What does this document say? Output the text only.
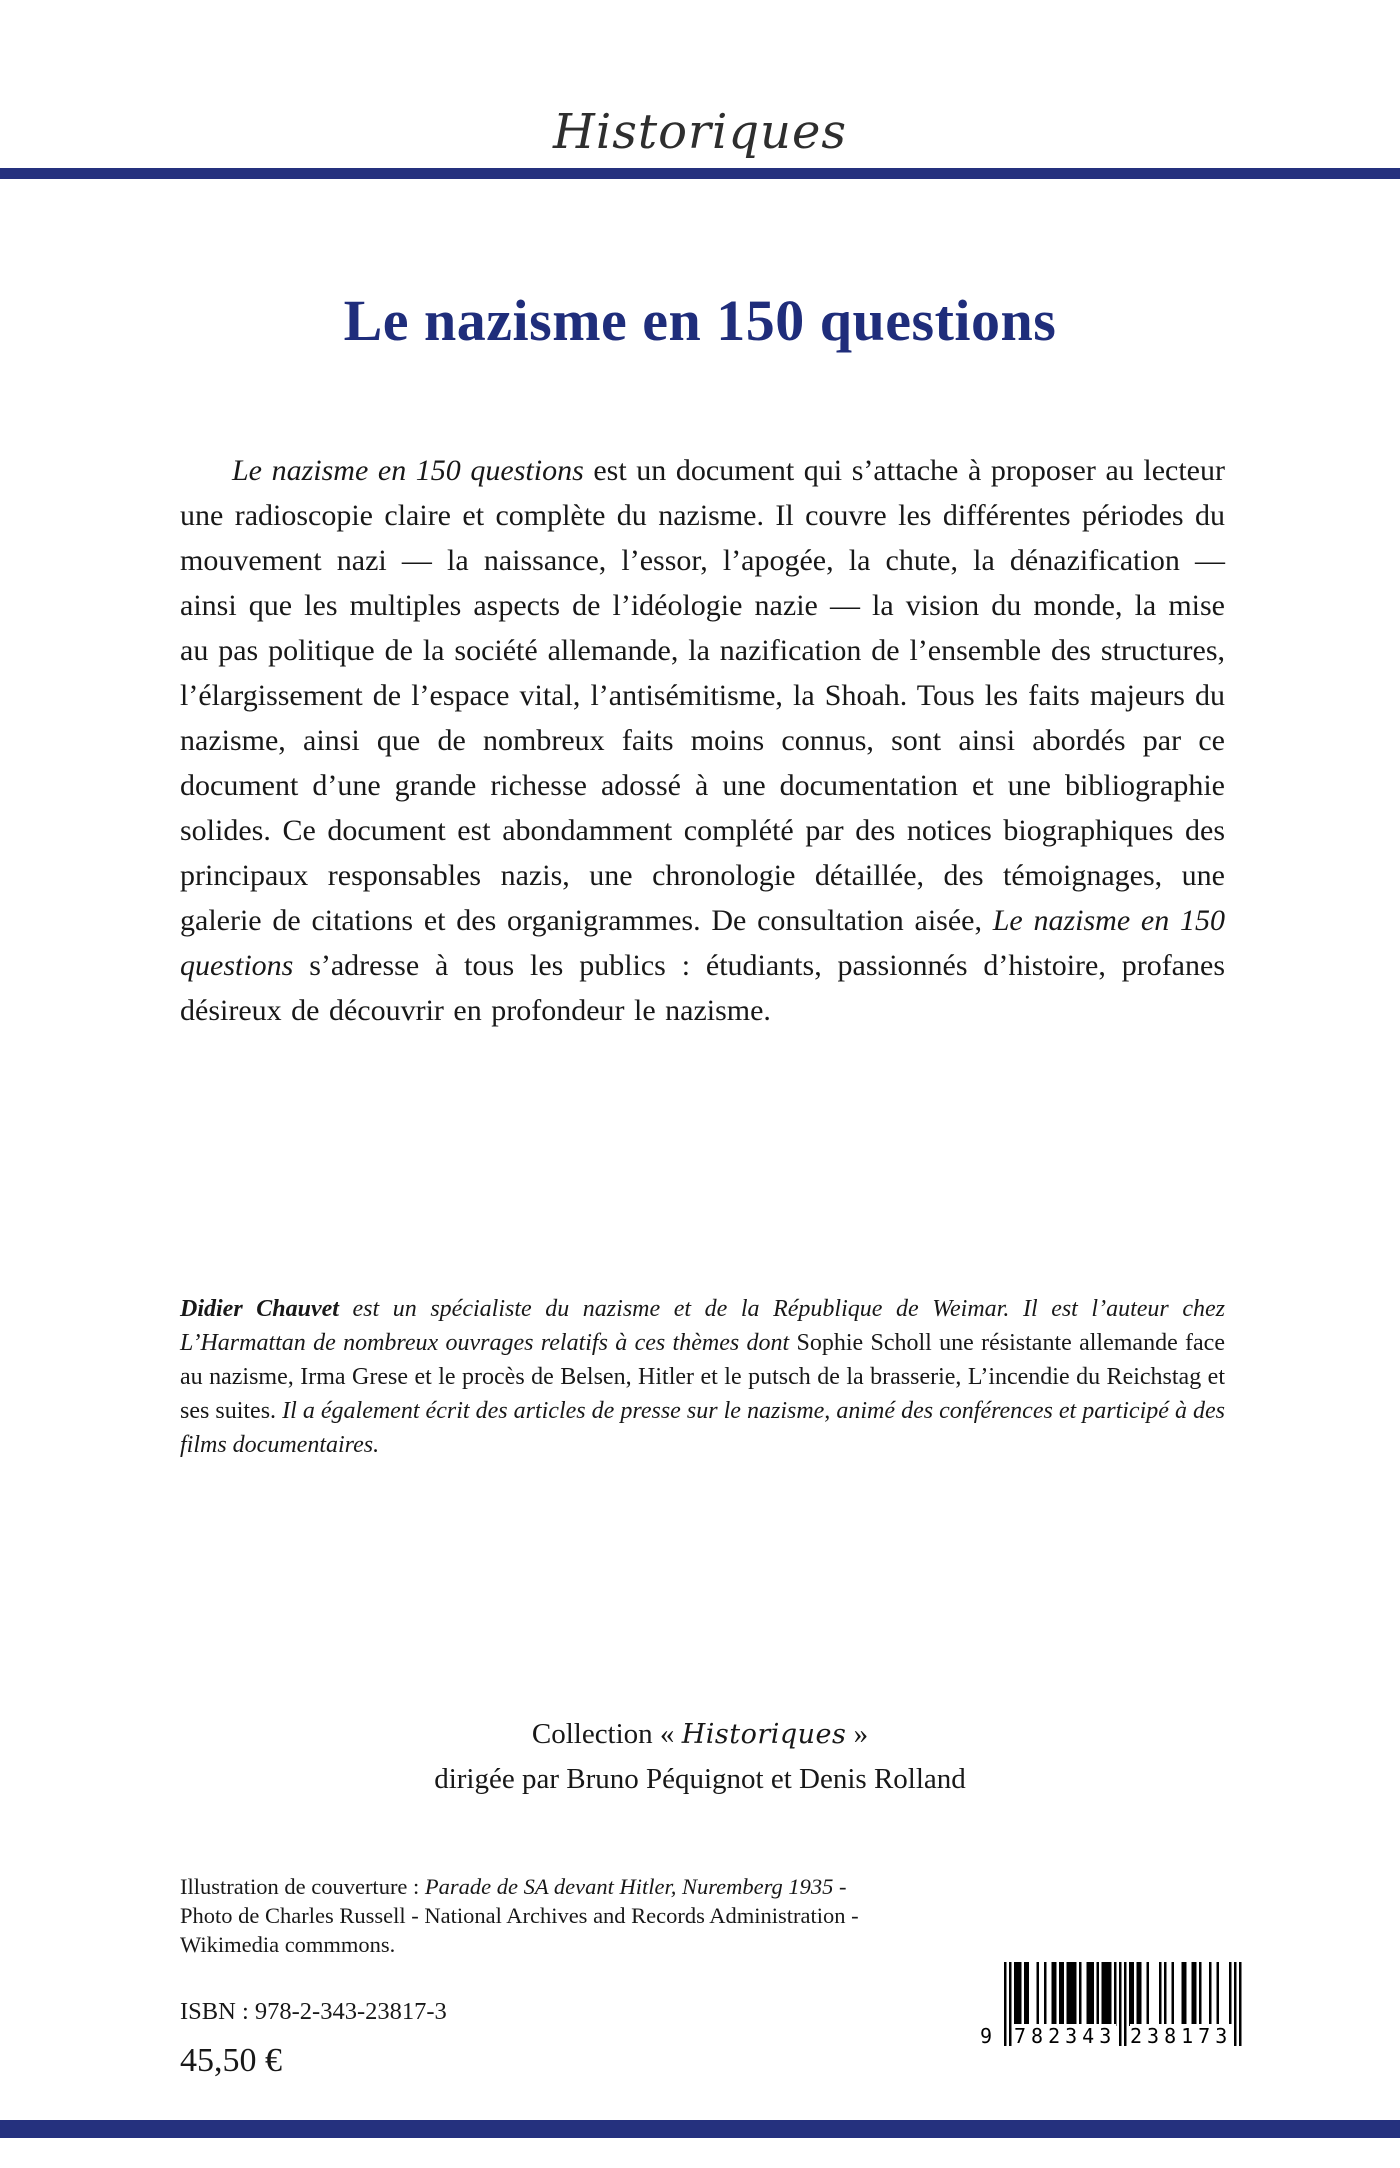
Historiques
Le nazisme en 150 questions

Le nazisme en 150 questions est un document qui s’attache à proposer au lecteur une radioscopie claire et complète du nazisme. Il couvre les différentes périodes du mouvement nazi — la naissance, l’essor, l’apogée, la chute, la dénazification — ainsi que les multiples aspects de l’idéologie nazie — la vision du monde, la mise au pas politique de la société allemande, la nazification de l’ensemble des structures, l’élargissement de l’espace vital, l’antisémitisme, la Shoah. Tous les faits majeurs du nazisme, ainsi que de nombreux faits moins connus, sont ainsi abordés par ce document d’une grande richesse adossé à une documentation et une bibliographie solides. Ce document est abondamment complété par des notices biographiques des principaux responsables nazis, une chronologie détaillée, des témoignages, une galerie de citations et des organigrammes. De consultation aisée, Le nazisme en 150 questions s’adresse à tous les publics : étudiants, passionnés d’histoire, profanes désireux de découvrir en profondeur le nazisme.

Didier Chauvet est un spécialiste du nazisme et de la République de Weimar. Il est l’auteur chez L’Harmattan de nombreux ouvrages relatifs à ces thèmes dont Sophie Scholl une résistante allemande face au nazisme, Irma Grese et le procès de Belsen, Hitler et le putsch de la brasserie, L’incendie du Reichstag et ses suites. Il a également écrit des articles de presse sur le nazisme, animé des conférences et participé à des films documentaires.

Collection « Historiques »
dirigée par Bruno Péquignot et Denis Rolland
Illustration de couverture : Parade de SA devant Hitler, Nuremberg 1935 -
Photo de Charles Russell - National Archives and Records Administration -
Wikimedia commmons.
ISBN : 978-2-343-23817-3
45,50 €
9 782343 238173
